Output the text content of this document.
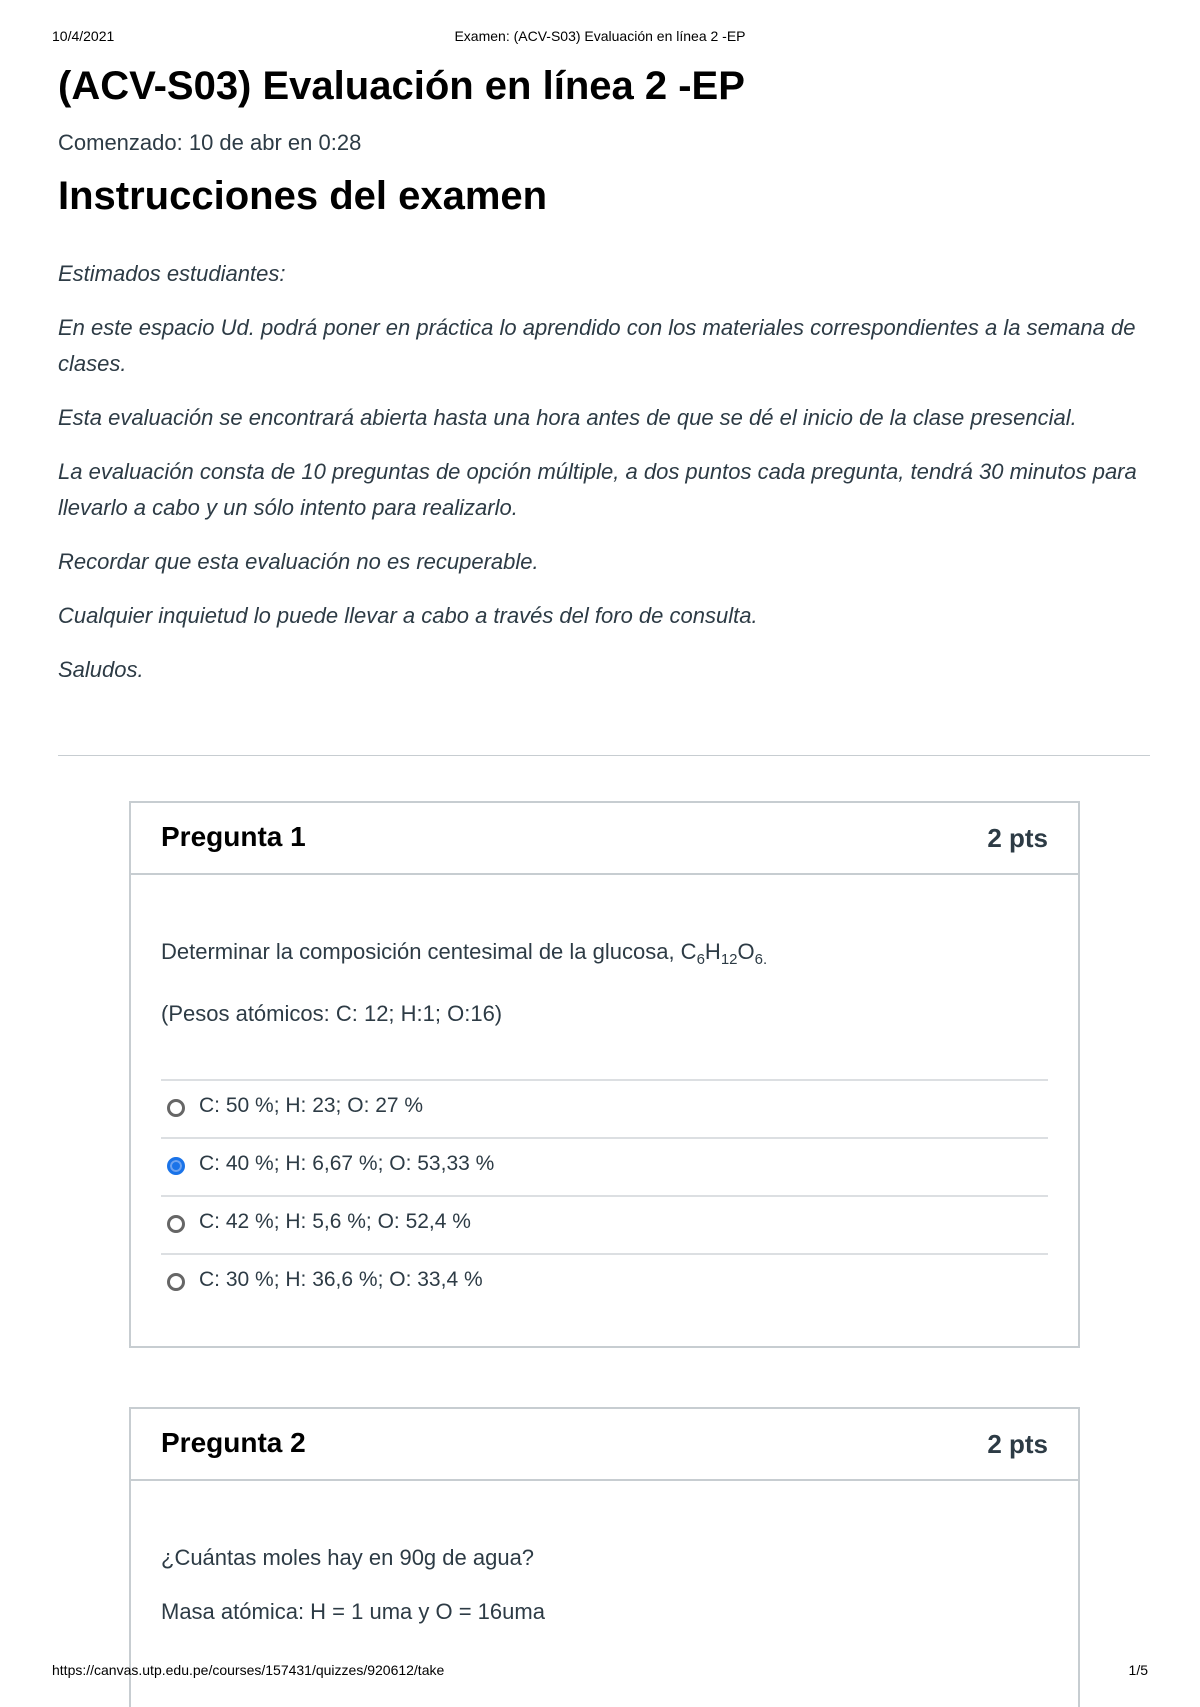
10/4/2021	Examen: (ACV-S03) Evaluación en línea 2 -EP
(ACV-S03) Evaluación en línea 2 -EP
Comenzado: 10 de abr en 0:28
Instrucciones del examen

Estimados estudiantes:

En este espacio Ud. podrá poner en práctica lo aprendido con los materiales correspondientes a la semana de clases.

Esta evaluación se encontrará abierta hasta una hora antes de que se dé el inicio de la clase presencial.

La evaluación consta de 10 preguntas de opción múltiple, a dos puntos cada pregunta, tendrá 30 minutos para llevarlo a cabo y un sólo intento para realizarlo.

Recordar que esta evaluación no es recuperable.

Cualquier inquietud lo puede llevar a cabo a través del foro de consulta.

Saludos.

Pregunta 1	2 pts

Determinar la composición centesimal de la glucosa, $C_6H_{12}O_{6.}$

(Pesos atómicos: C: 12; H:1; O:16)

C: 50 %; H: 23; O: 27 %
C: 40 %; H: 6,67 %; O: 53,33 %
C: 42 %; H: 5,6 %; O: 52,4 %
C: 30 %; H: 36,6 %; O: 33,4 %
Pregunta 2	2 pts

¿Cuántas moles hay en 90g de agua?

Masa atómica: H = 1 uma y O = 16uma

https://canvas.utp.edu.pe/courses/157431/quizzes/920612/take	1/5
